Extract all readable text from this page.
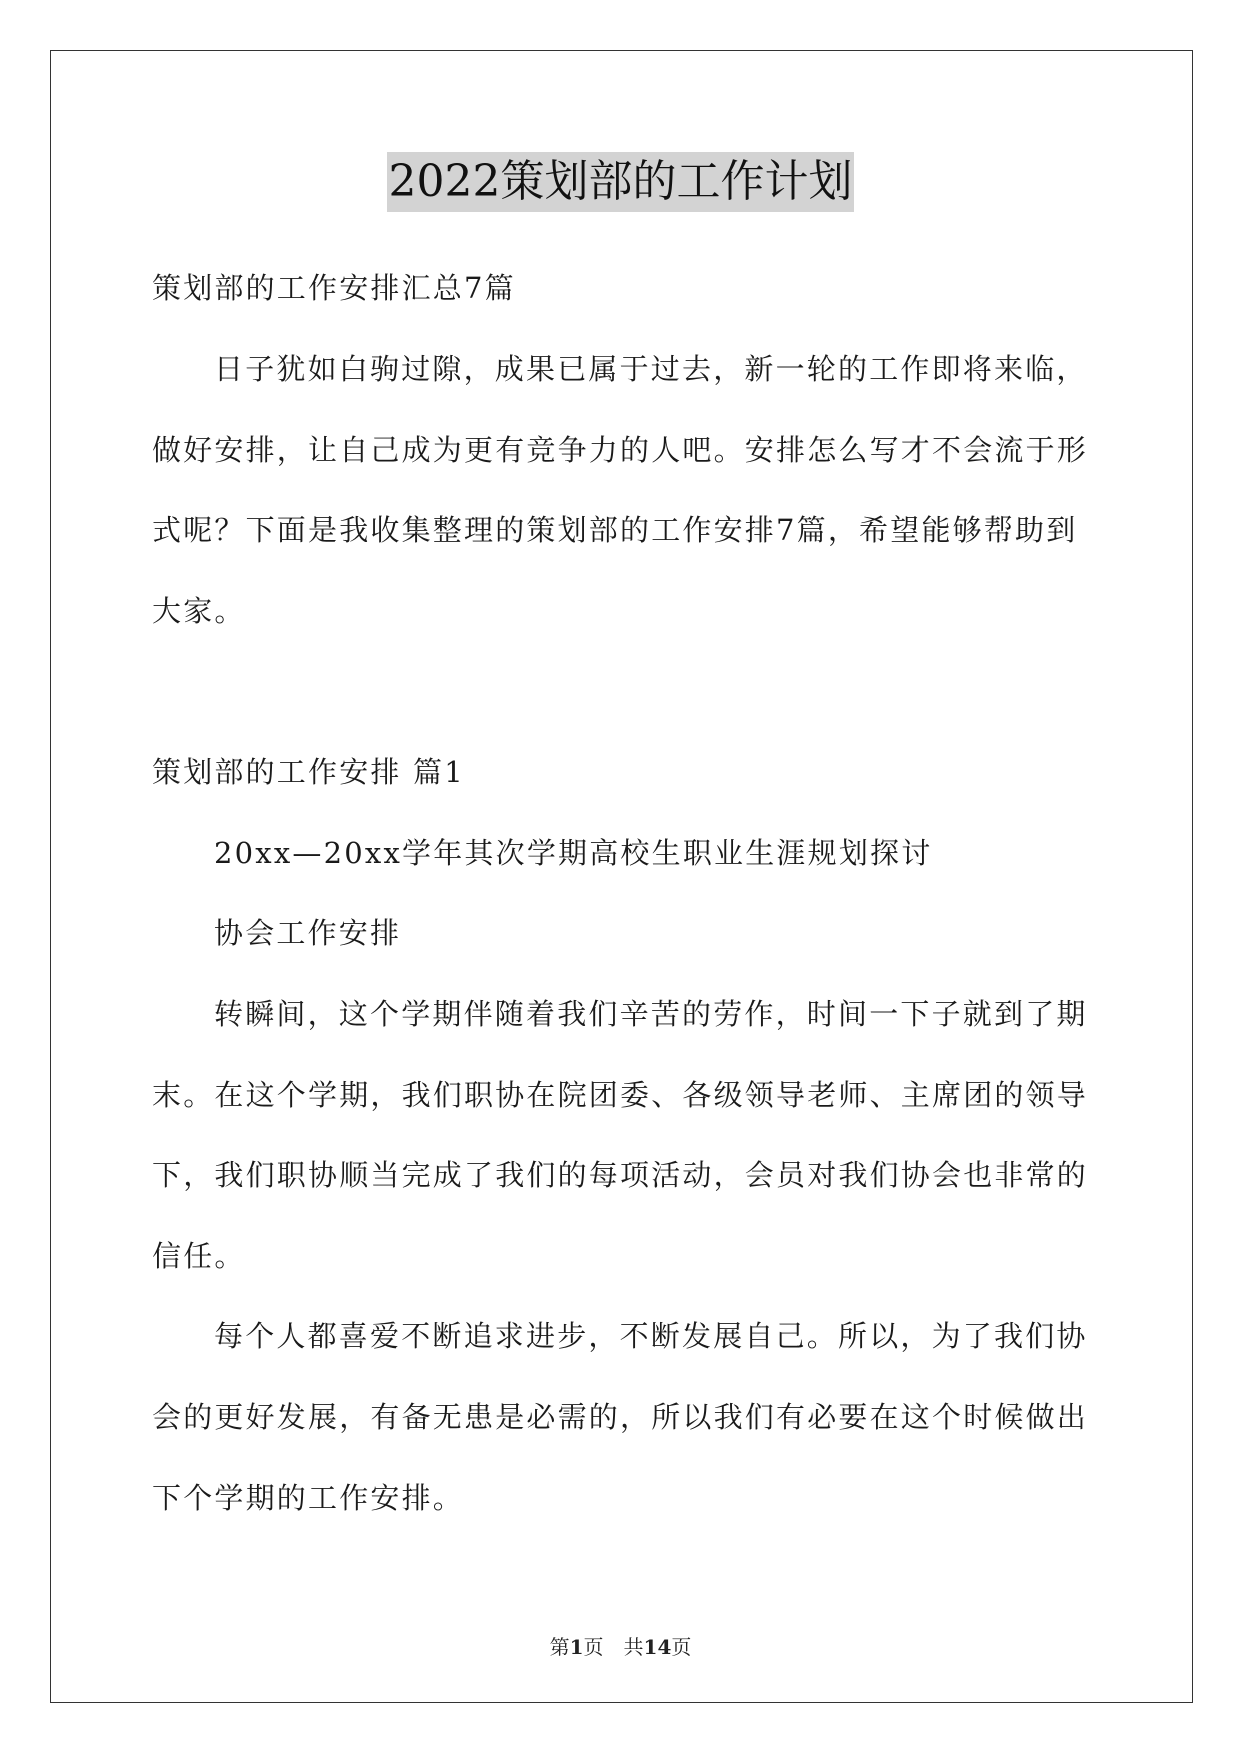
2022策划部的工作计划
策划部的工作安排汇总7篇
日子犹如白驹过隙，成果已属于过去，新一轮的工作即将来临，
做好安排，让自己成为更有竞争力的人吧。安排怎么写才不会流于形
式呢？下面是我收集整理的策划部的工作安排7篇，希望能够帮助到
大家。
策划部的工作安排 篇1
20xx—20xx学年其次学期高校生职业生涯规划探讨
协会工作安排
转瞬间，这个学期伴随着我们辛苦的劳作，时间一下子就到了期
末。在这个学期，我们职协在院团委、各级领导老师、主席团的领导
下，我们职协顺当完成了我们的每项活动，会员对我们协会也非常的
信任。
每个人都喜爱不断追求进步，不断发展自己。所以，为了我们协
会的更好发展，有备无患是必需的，所以我们有必要在这个时候做出
下个学期的工作安排。
第1页　共14页
